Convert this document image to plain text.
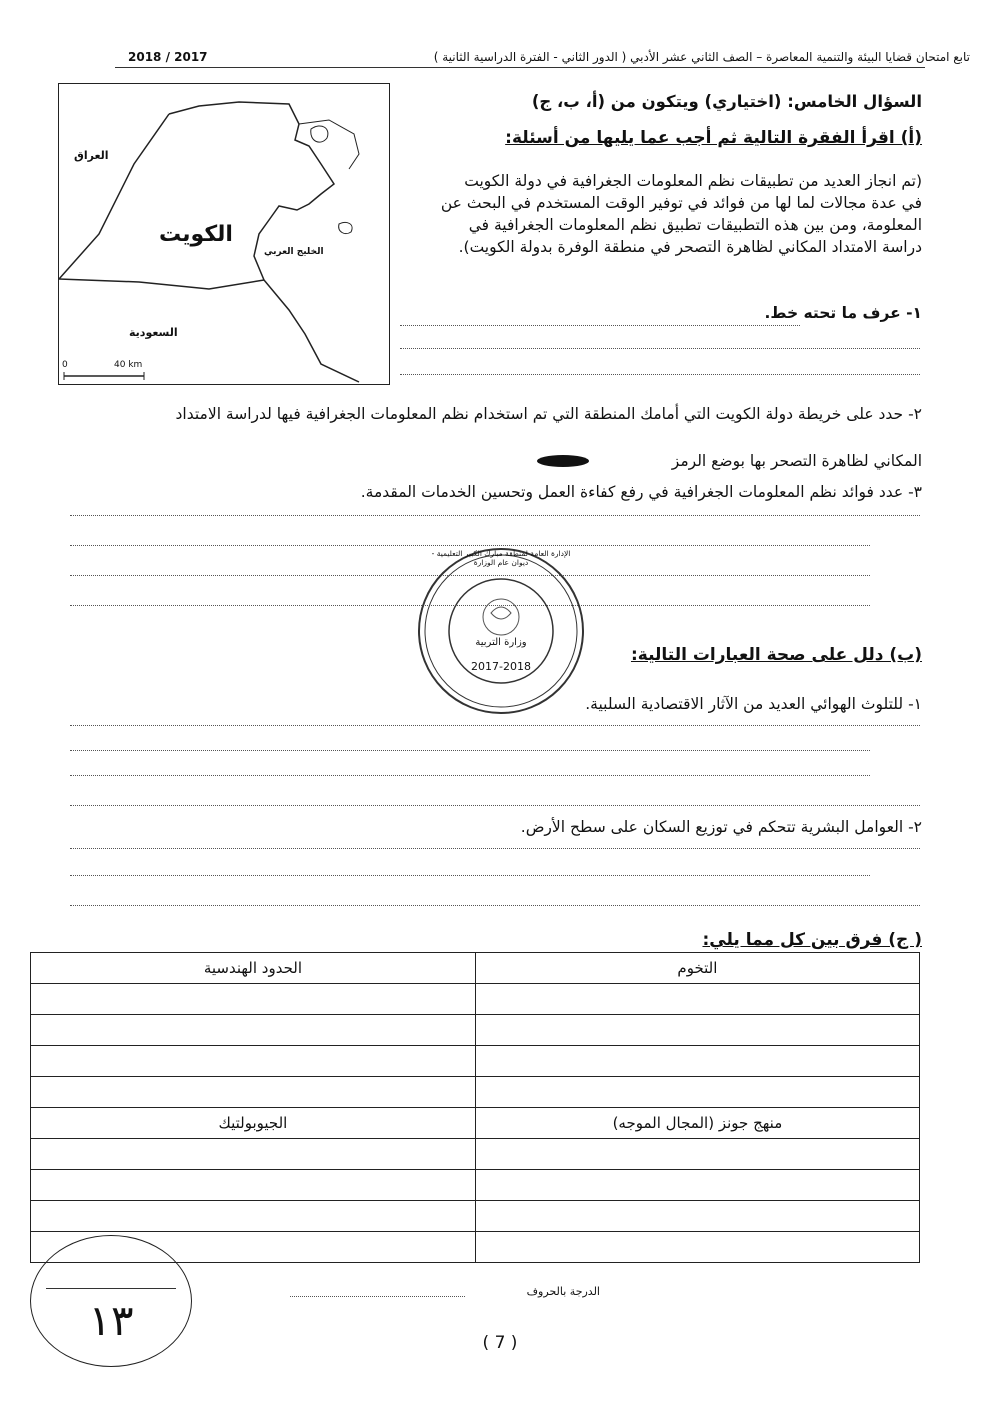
تابع امتحان قضايا البيئة والتنمية المعاصرة – الصف الثاني عشر الأدبي ( الدور الثاني - الفترة الدراسية الثانية )
2018 / 2017
العراق
الكويت
الخليج العربي
السعودية
0	40 km
السؤال الخامس: (اختياري) ويتكون من (أ، ب، ج)
(أ) اقرأ الفقرة التالية ثم أجب عما يليها من أسئلة:
(تم انجاز العديد من تطبيقات نظم المعلومات الجغرافية في دولة الكويت
في عدة مجالات لما لها من فوائد في توفير الوقت المستخدم في البحث عن
المعلومة، ومن بين هذه التطبيقات تطبيق نظم المعلومات الجغرافية في
دراسة الامتداد المكاني لظاهرة التصحر في منطقة الوفرة بدولة الكويت).
١- عرف ما تحته خط.
٢- حدد على خريطة دولة الكويت التي أمامك المنطقة التي تم استخدام نظم المعلومات الجغرافية فيها لدراسة الامتداد
المكاني لظاهرة التصحر بها بوضع الرمز
٣- عدد فوائد نظم المعلومات الجغرافية في رفع كفاءة العمل وتحسين الخدمات المقدمة.
وزارة التربية
2017-2018
الإدارة العامة لمنطقة مبارك الكبير التعليمية - ديوان عام الوزارة
(ب) دلل على صحة العبارات التالية:
١- للتلوث الهوائي العديد من الآثار الاقتصادية السلبية.
٢- العوامل البشرية تتحكم في توزيع السكان على سطح الأرض.
( ج) فرق بين كل مما يلي:
الحدود الهندسية	التخوم

الجيوبولتيك	منهج جونز (المجال الموجه)

١٣
الدرجة بالحروف
( 7 )
